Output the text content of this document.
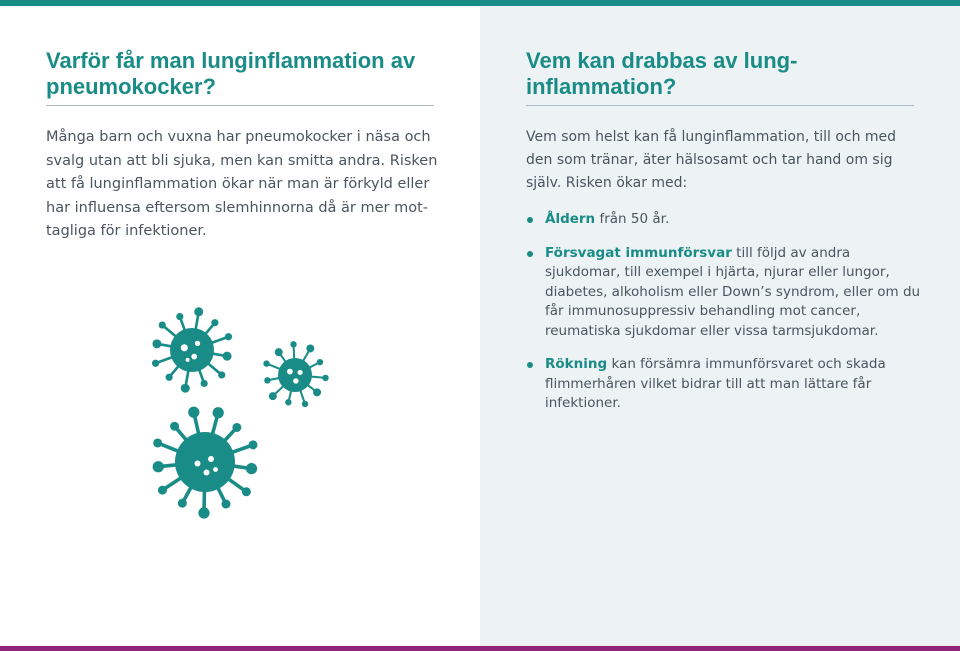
Varför får man lunginflammation av pneumokocker?

Många barn och vuxna har pneumokocker i näsa och svalg utan att bli sjuka, men kan smitta andra. Risken att få lunginflammation ökar när man är förkyld eller har influensa eftersom slemhinnorna då är mer mot-tagliga för infektioner.

Vem kan drabbas av lung-inflammation?

Vem som helst kan få lunginflammation, till och med den som tränar, äter hälsosamt och tar hand om sig själv. Risken ökar med:

Åldern från 50 år.
Försvagat immunförsvar till följd av andra sjukdomar, till exempel i hjärta, njurar eller lungor, diabetes, alkoholism eller Down’s syndrom, eller om du får immunosuppressiv behandling mot cancer, reumatiska sjukdomar eller vissa tarmsjukdomar.
Rökning kan försämra immunförsvaret och skada flimmerhåren vilket bidrar till att man lättare får infektioner.
